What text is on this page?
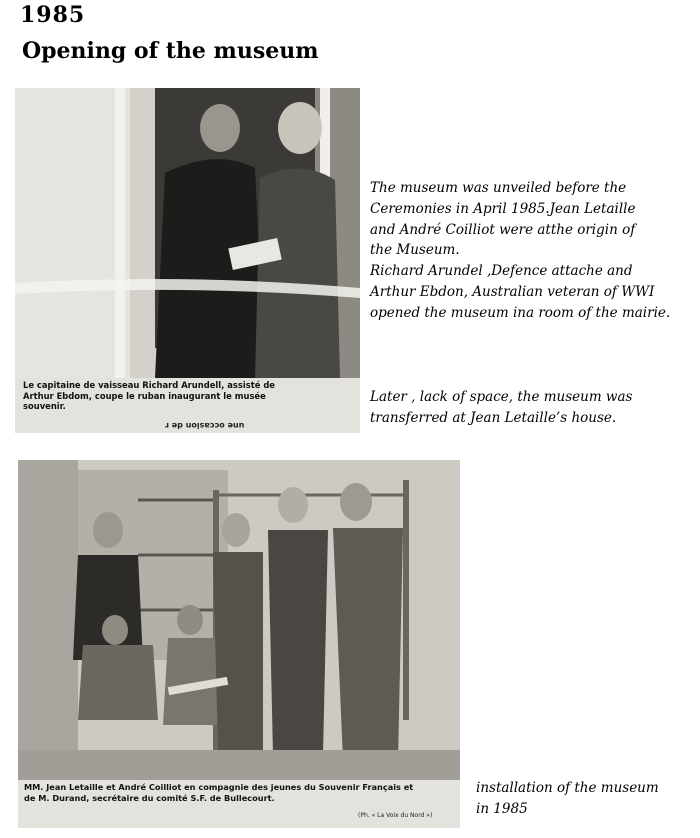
1985
Opening of the museum
Le capitaine de vaisseau Richard Arundell, assisté de
Arthur Ebdom, coupe le ruban inaugurant le musée
souvenir.
une occasion de r
The museum was unveiled before the
Ceremonies in April 1985.Jean Letaille
and André Coilliot were atthe origin of
the Museum.
Richard Arundel ,Defence attache and
Arthur Ebdon, Australian veteran of WWI
opened the museum ina room of the mairie.
Later , lack of space, the museum was
transferred at Jean Letaille’s house.
MM. Jean Letaille et André Coilliot en compagnie des jeunes du Souvenir Français et
de M. Durand, secrétaire du comité S.F. de Bullecourt.
(Ph. « La Voix du Nord »)
installation of the museum
in 1985
